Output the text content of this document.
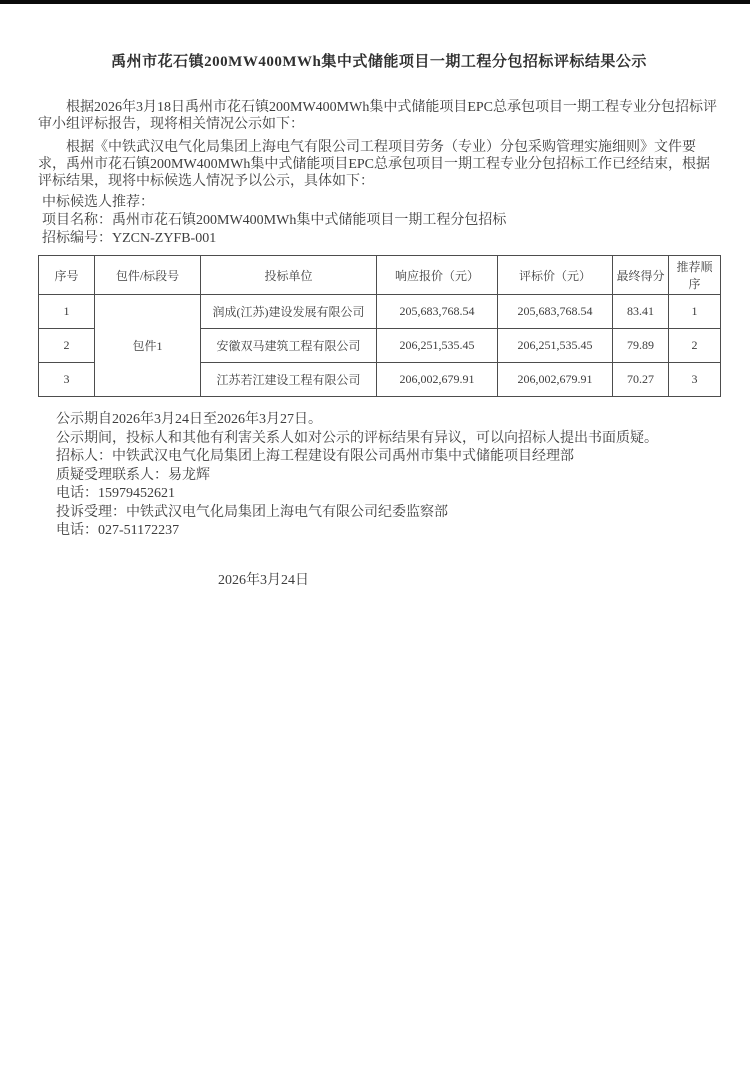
禹州市花石镇200MW400MWh集中式储能项目一期工程分包招标评标结果公示

根据2026年3月18日禹州市花石镇200MW400MWh集中式储能项目EPC总承包项目一期工程专业分包招标评审小组评标报告，现将相关情况公示如下：

根据《中铁武汉电气化局集团上海电气有限公司工程项目劳务（专业）分包采购管理实施细则》文件要求，禹州市花石镇200MW400MWh集中式储能项目EPC总承包项目一期工程专业分包招标工作已经结束，根据评标结果，现将中标候选人情况予以公示，具体如下：

中标候选人推荐：
项目名称：禹州市花石镇200MW400MWh集中式储能项目一期工程分包招标
招标编号：YZCN-ZYFB-001
序号	包件/标段号	投标单位	响应报价（元）	评标价（元）	最终得分	推荐顺序
1	包件1	润成(江苏)建设发展有限公司	205,683,768.54	205,683,768.54	83.41	1
2		安徽双马建筑工程有限公司	206,251,535.45	206,251,535.45	79.89	2
3		江苏若江建设工程有限公司	206,002,679.91	206,002,679.91	70.27	3
公示期自2026年3月24日至2026年3月27日。
公示期间，投标人和其他有利害关系人如对公示的评标结果有异议，可以向招标人提出书面质疑。
招标人：中铁武汉电气化局集团上海工程建设有限公司禹州市集中式储能项目经理部
质疑受理联系人：易龙辉
电话：15979452621
投诉受理：中铁武汉电气化局集团上海电气有限公司纪委监察部
电话：027-51172237
2026年3月24日
